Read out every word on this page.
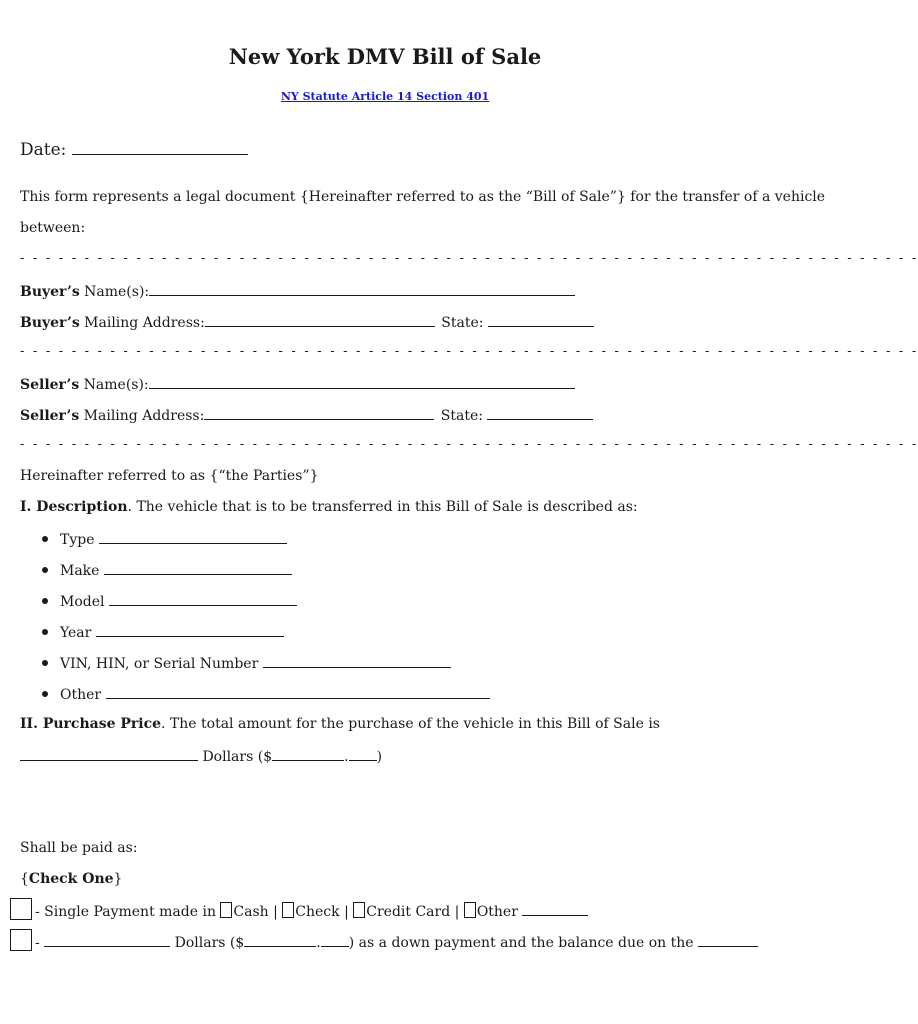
New York DMV Bill of Sale
NY Statute Article 14 Section 401
Date:
This form represents a legal document {Hereinafter referred to as the “Bill of Sale”} for the transfer of a vehicle
between:
- - - - - - - - - - - - - - - - - - - - - - - - - - - - - - - - - - - - - - - - - - - - - - - - - - - - - - - - - - - - - - - - - - - - - -
Buyer’s Name(s):
Buyer’s Mailing Address:	State:
- - - - - - - - - - - - - - - - - - - - - - - - - - - - - - - - - - - - - - - - - - - - - - - - - - - - - - - - - - - - - - - - - - - - - -
Seller’s Name(s):
Seller’s Mailing Address:	State:
- - - - - - - - - - - - - - - - - - - - - - - - - - - - - - - - - - - - - - - - - - - - - - - - - - - - - - - - - - - - - - - - - - - - - -
Hereinafter referred to as {“the Parties”}
I. Description. The vehicle that is to be transferred in this Bill of Sale is described as:
Type
Make
Model
Year
VIN, HIN, or Serial Number
Other
II. Purchase Price. The total amount for the purchase of the vehicle in this Bill of Sale is
Dollars ($	. )
Shall be paid as:
{Check One}
- Single Payment made in Cash | Check | Credit Card | Other
-	Dollars ($	. ) as a down payment and the balance due on the
